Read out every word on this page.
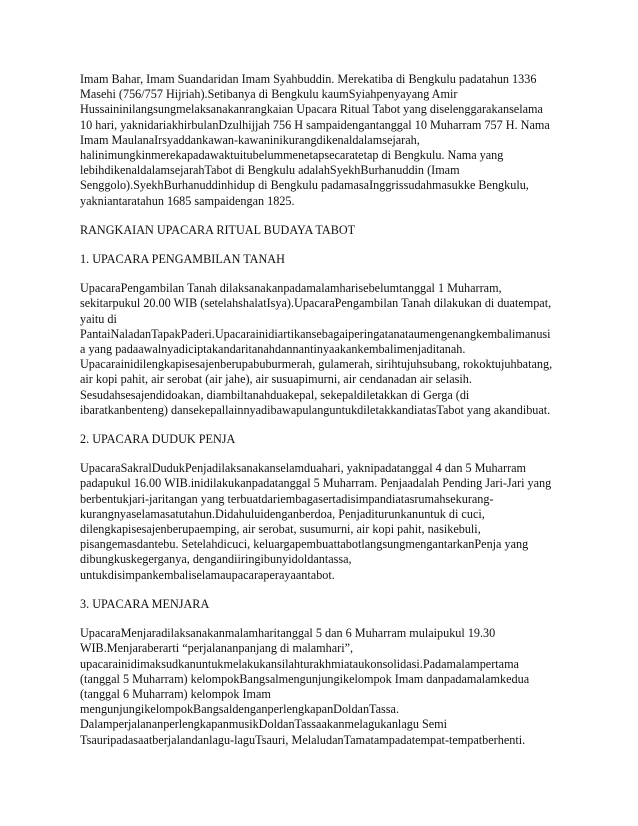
Imam Bahar, Imam Suandaridan Imam Syahbuddin. Merekatiba di Bengkulu padatahun 1336
Masehi (756/757 Hijriah).Setibanya di Bengkulu kaumSyiahpenyayang Amir
Hussaininilangsungmelaksanakanrangkaian Upacara Ritual Tabot yang diselenggarakanselama
10 hari, yaknidariakhirbulanDzulhijjah 756 H sampaidengantanggal 10 Muharram 757 H. Nama
Imam MaulanaIrsyaddankawan-kawaninikurangdikenaldalamsejarah,
halinimungkinmerekapadawaktuitubelummenetapsecaratetap di Bengkulu. Nama yang
lebihdikenaldalamsejarahTabot di Bengkulu adalahSyekhBurhanuddin (Imam
Senggolo).SyekhBurhanuddinhidup di Bengkulu padamasaInggrissudahmasukke Bengkulu,
yakniantaratahun 1685 sampaidengan 1825.

RANGKAIAN UPACARA RITUAL BUDAYA TABOT

1. UPACARA PENGAMBILAN TANAH

UpacaraPengambilan Tanah dilaksanakanpadamalamharisebelumtanggal 1 Muharram,
sekitarpukul 20.00 WIB (setelahshalatIsya).UpacaraPengambilan Tanah dilakukan di duatempat,
yaitu di
PantaiNaladanTapakPaderi.Upacarainidiartikansebagaiperingatanataumengenangkembalimanusi
a yang padaawalnyadiciptakandaritanahdannantinyaakankembalimenjaditanah.
Upacarainidilengkapisesajenberupabuburmerah, gulamerah, sirihtujuhsubang, rokoktujuhbatang,
air kopi pahit, air serobat (air jahe), air susuapimurni, air cendanadan air selasih.
Sesudahsesajendidoakan, diambiltanahduakepal, sekepaldiletakkan di Gerga (di
ibaratkanbenteng) dansekepallainnyadibawapulanguntukdiletakkandiatasTabot yang akandibuat.

2. UPACARA DUDUK PENJA

UpacaraSakralDudukPenjadilaksanakanselamduahari, yaknipadatanggal 4 dan 5 Muharram
padapukul 16.00 WIB.inidilakukanpadatanggal 5 Muharram. Penjaadalah Pending Jari-Jari yang
berbentukjari-jaritangan yang terbuatdariembagasertadisimpandiatasrumahsekurang-
kurangnyaselamasatutahun.Didahuluidenganberdoa, Penjaditurunkanuntuk di cuci,
dilengkapisesajenberupaemping, air serobat, susumurni, air kopi pahit, nasikebuli,
pisangemasdantebu. Setelahdicuci, keluargapembuattabotlangsungmengantarkanPenja yang
dibungkuskegerganya, dengandiiringibunyidoldantassa,
untukdisimpankembaliselamaupacaraperayaantabot.

3. UPACARA MENJARA

UpacaraMenjaradilaksanakanmalamharitanggal 5 dan 6 Muharram mulaipukul 19.30
WIB.Menjaraberarti “perjalananpanjang di malamhari”,
upacarainidimaksudkanuntukmelakukansilahturakhmiataukonsolidasi.Padamalampertama
(tanggal 5 Muharram) kelompokBangsalmengunjungikelompok Imam danpadamalamkedua
(tanggal 6 Muharram) kelompok Imam
mengunjungikelompokBangsaldenganperlengkapanDoldanTassa.
DalamperjalananperlengkapanmusikDoldanTassaakanmelagukanlagu Semi
Tsauripadasaatberjalandanlagu-laguTsauri, MelaludanTamatampadatempat-tempatberhenti.
